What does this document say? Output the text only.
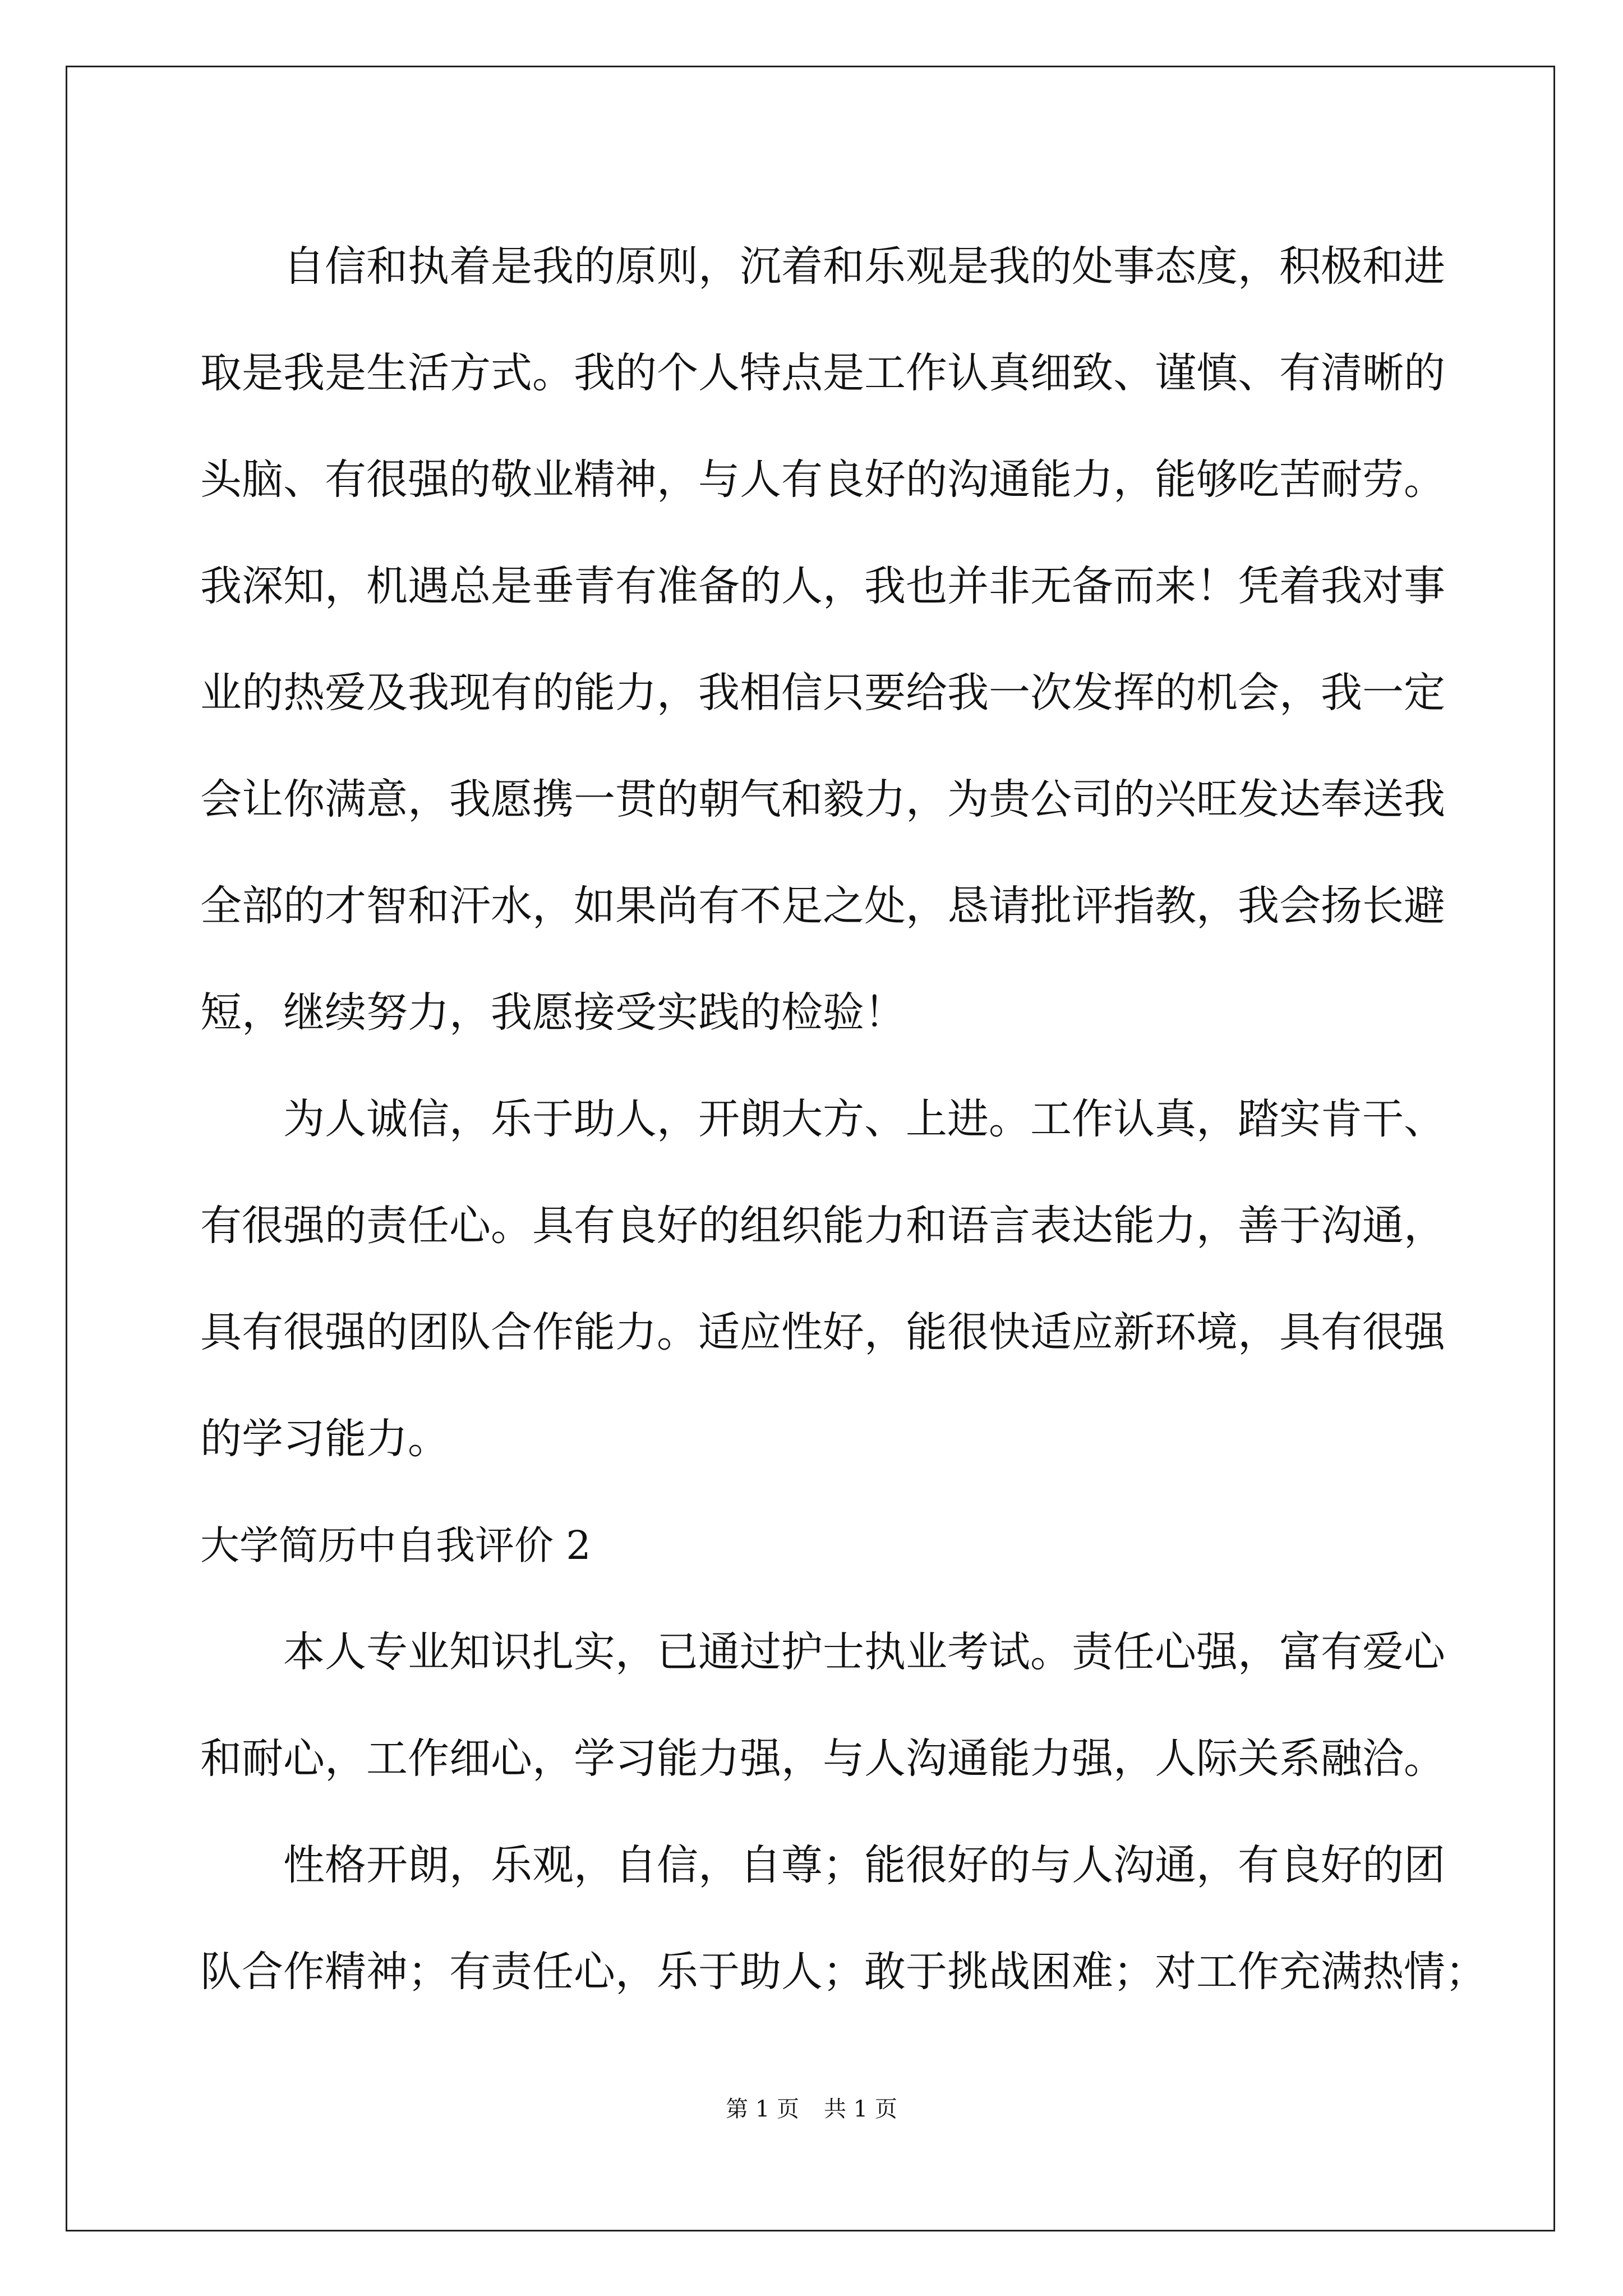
自信和执着是我的原则，沉着和乐观是我的处事态度，积极和进

取是我是生活方式。我的个人特点是工作认真细致、谨慎、有清晰的

头脑、有很强的敬业精神，与人有良好的沟通能力，能够吃苦耐劳。

我深知，机遇总是垂青有准备的人，我也并非无备而来！凭着我对事

业的热爱及我现有的能力，我相信只要给我一次发挥的机会，我一定

会让你满意，我愿携一贯的朝气和毅力，为贵公司的兴旺发达奉送我

全部的才智和汗水，如果尚有不足之处，恳请批评指教，我会扬长避

短，继续努力，我愿接受实践的检验！

为人诚信，乐于助人，开朗大方、上进。工作认真，踏实肯干、

有很强的责任心。具有良好的组织能力和语言表达能力，善于沟通，

具有很强的团队合作能力。适应性好，能很快适应新环境，具有很强

的学习能力。

大学简历中自我评价 2

本人专业知识扎实，已通过护士执业考试。责任心强，富有爱心

和耐心，工作细心，学习能力强，与人沟通能力强，人际关系融洽。

性格开朗，乐观，自信，自尊；能很好的与人沟通，有良好的团

队合作精神；有责任心，乐于助人；敢于挑战困难；对工作充满热情；

第 1 页 共 1 页
